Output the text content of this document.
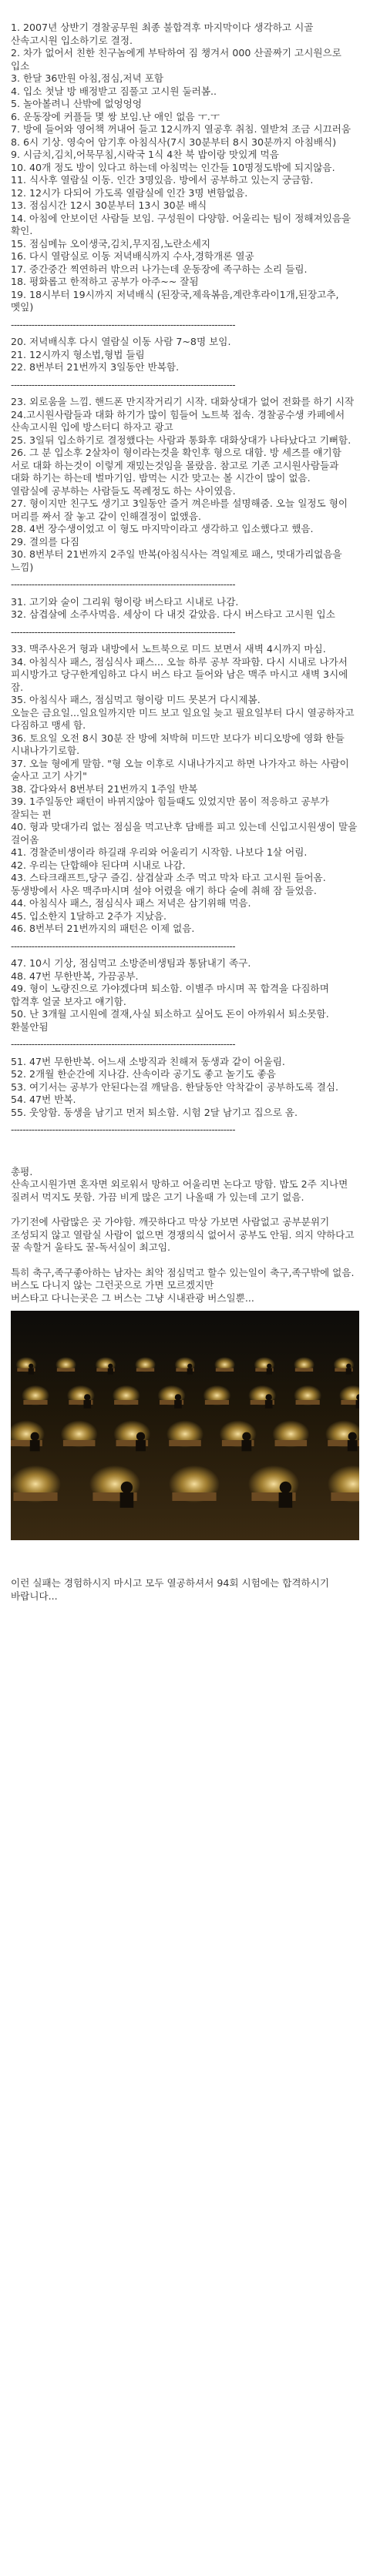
1. 2007년 상반기 경찰공무원 최종 불합격후 마지막이다 생각하고 시골 산속고시원 입소하기로 결정.

2. 차가 없어서 친한 친구놈에게 부탁하여 짐 챙겨서 000 산골짜기 고시원으로 입소

3. 한달 36만원 아침,점심,저녁 포함

4. 입소 첫날 방 배정받고 짐풀고 고시원 둘러봄..

5. 놀아볼려니 산밖에 없엉엉엉

6. 운동장에 커플들 몇 쌍 보임.난 애인 없음 ㅜ.ㅜ

7. 방에 들어와 영어책 꺼내어 들고 12시까지 열공후 취침. 열받쳐 조금 시끄러움

8. 6시 기상. 영숙어 암기후 아침식사(7시 30분부터 8시 30분까지 아침배식)

9. 시금치,김치,어묵무침,시락국 1식 4찬 북 밥이랑 맛있게 먹음

10. 40개 정도 방이 있다고 하는데 아침먹는 인간들 10명정도밖에 되지않음.

11. 식사후 열람실 이동. 인간 3명있음. 방에서 공부하고 있는지 궁금함.

12. 12시가 다되어 가도록 열람실에 인간 3명 변함없음.

13. 점심시간 12시 30분부터 13시 30분 배식

14. 아침에 안보이던 사람들 보임. 구성원이 다양함. 어울리는 팀이 정해져있음을 확인.

15. 점심메뉴 오이생국,김치,무지짐,노란소세지

16. 다시 열람실로 이동 저녁배식까지 수사,경학개론 열공

17. 중간중간 찍연하러 밖으러 나가는데 운동장에 족구하는 소리 들림.

18. 평화롭고 한적하고 공부가 아주~~ 잘됨

19. 18시부터 19시까지 저녁배식 (된장국,제육볶음,계란후라이1개,된장고추,멧잎)

----------------------------------------------------------------------------

20. 저녁배식후 다시 열람실 이동 사람 7~8명 보임.

21. 12시까지 형소법,형법 들림

22. 8번부터 21번까지 3일동안 반복함.

----------------------------------------------------------------------------

23. 외로움을 느낌. 핸드폰 만지작거리기 시작. 대화상대가 없어 전화를 하기 시작

24.고시원사람들과 대화 하기가 많이 힘들어 노트북 접속. 경찰공수생 카페에서 산속고시원 입에 방스터디 하자고 광고

25. 3일뒤 입소하기로 결정했다는 사람과 통화후 대화상대가 나타났다고 기뻐함.

26. 그 분 입소후 2살차이 형이라는것을 확인후 형으로 대함. 방 세즈를 얘기함

서로 대화 하는것이 이렇게 재밌는것임을 몰랐음. 참고로 기존 고시원사람들과

대화 하기는 하는데 벌마기임. 밤먹는 시간 맞고는 볼 시간이 많이 없음.

열람실에 공부하는 사람들도 목례정도 하는 사이였음.

27. 형이지만 친구도 생기고 3일동안 즐거 껴은바를 설명해줌. 오늘 일정도 형이 머리를 짜서 잘 놓고 같이 인해결정이 없앴음.

28. 4번 장수생이었고 이 형도 마지막이라고 생각하고 입소했다고 했음.

29. 결의를 다짐

30. 8번부터 21번까지 2주일 반복(아침식사는 격일제로 패스, 멋대가리없음을 느낌)

----------------------------------------------------------------------------

31. 고기와 술이 그리워 형이랑 버스타고 시내로 나감.

32. 삼겹살에 소주사먹음. 세상이 다 내것 같았음. 다시 버스타고 고시원 입소

----------------------------------------------------------------------------

33. 맥주사온거 형과 내방에서 노트북으로 미드 보면서 새벽 4시까지 마심.

34. 아침식사 패스, 점심식사 패스... 오늘 하루 공부 작파함. 다시 시내로 나가서

피시방가고 당구한게임하고 다시 버스 타고 들어와 남은 맥주 마시고 새벽 3시에 잠.

35. 아침식사 패스, 점심먹고 형이랑 미드 못본거 다시제봄.

오늘은 금요일...일요일까지만 미드 보고 일요일 늦고 필요일부터 다시 열공하자고 다짐하고 맹세 함.

36. 토요일 오전 8시 30분 잔 방에 처박혀 미드만 보다가 비디오방에 영화 한들 시내나가기로함.

37. 오늘 형에게 말함. "형 오늘 이후로 시내나가지고 하면 나가자고 하는 사람이 술사고 고기 사기"

38. 갑다와서 8번부터 21번까지 1주일 반복

39. 1주일동안 패턴이 바뀌지않아 힘들때도 있었지만 몸이 적응하고 공부가 잘되는 편

40. 형과 맞대가리 없는 점심을 먹고난후 담배를 피고 있는데 신입고시원생이 말을 걸어옴

41. 경찰준비생이라 하길래 우리와 어울리기 시작함. 나보다 1살 어림.

42. 우리는 단합해야 된다며 시내로 나감.

43. 스타크래프트,당구 즐김. 삼겹살과 소주 먹고 막차 타고 고시원 들어옴.

동생방에서 사온 맥주마시며 설야 어렸을 얘기 하다 술에 취해 잠 들었음.

44. 아침식사 패스, 점심식사 패스 저녁은 삼기위해 먹음.

45. 입소한지 1달하고 2주가 지났음.

46. 8번부터 21번까지의 패턴은 이제 없음.

----------------------------------------------------------------------------

47. 10시 기상, 점심먹고 소방준비생팀과 통닭내기 족구.

48. 47번 무한반복, 가끔공부.

49. 형이 노량진으로 가야겠다며 퇴소함. 이별주 마시며 꼭 합격을 다짐하며 합격후 얼굴 보자고 얘기함.

50. 난 3개월 고시원에 결재,사실 퇴소하고 싶어도 돈이 아까워서 퇴소못함. 환불안됨

----------------------------------------------------------------------------

51. 47번 무한반복. 어느새 소방직과 친해져 동생과 같이 어울림.

52. 2개월 한순간에 지나감. 산속이라 공기도 좋고 놀기도 좋음

53. 여기서는 공부가 안된다는걸 깨달음. 한달동안 악착같이 공부하도록 결심.

54. 47번 반복.

55. 웃앙함. 동생을 남기고 먼저 퇴소함. 시험 2달 남기고 집으로 옴.

----------------------------------------------------------------------------

총평.

산속고시원가면 혼자면 외로워서 망하고 어울리면 논다고 망함. 밥도 2주 지나면 질려서 먹지도 못함. 가끔 비게 많은 고기 나올때 가 있는데 고기 없음.

가기전에 사람많은 곳 가야함. 깨끗하다고 막상 가보면 사람없고 공부분위기 조성되지 않고 열람실 사람이 없으면 경쟁의식 없어서 공부도 안됨. 의지 약하다고 꿀 속할거 울타도 꿀-독서실이 최고임.

특히 축구,족구좋아하는 남자는 최악 점심먹고 할수 있는일이 축구,족구밖에 없음.

버스도 다니지 않는 그런곳으로 가면 모르겠지만

버스타고 다니는곳은 그 버스는 그냥 시내관광 버스일뿐...

이런 실패는 경험하시지 마시고 모두 열공하셔서 94회 시험에는 합격하시기 바랍니다...
